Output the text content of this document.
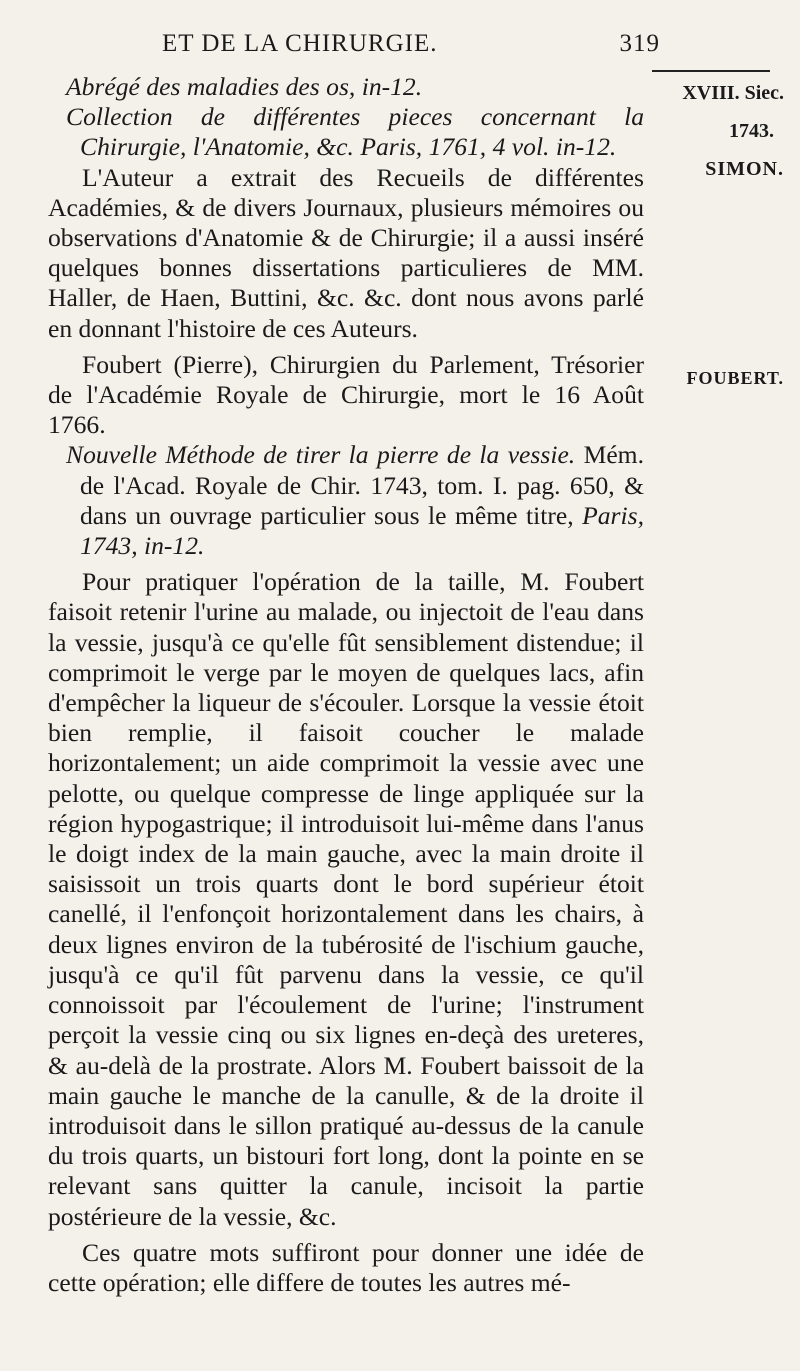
ET DE LA CHIRURGIE.	319
XVIII. Siec.
1743.
SIMON.
FOUBERT.

Abrégé des maladies des os, in-12.

Collection de différentes pieces concernant la Chirurgie, l'Anatomie, &c. Paris, 1761, 4 vol. in-12.

L'Auteur a extrait des Recueils de différentes Académies, & de divers Journaux, plusieurs mémoires ou observations d'Anatomie & de Chirurgie; il a aussi inséré quelques bonnes dissertations particulieres de MM. Haller, de Haen, Buttini, &c. &c. dont nous avons parlé en donnant l'histoire de ces Auteurs.

Foubert (Pierre), Chirurgien du Parlement, Trésorier de l'Académie Royale de Chirurgie, mort le 16 Août 1766.

Nouvelle Méthode de tirer la pierre de la vessie. Mém. de l'Acad. Royale de Chir. 1743, tom. I. pag. 650, & dans un ouvrage particulier sous le même titre, Paris, 1743, in-12.

Pour pratiquer l'opération de la taille, M. Foubert faisoit retenir l'urine au malade, ou injectoit de l'eau dans la vessie, jusqu'à ce qu'elle fût sensiblement distendue; il comprimoit le verge par le moyen de quelques lacs, afin d'empêcher la liqueur de s'écouler. Lorsque la vessie étoit bien remplie, il faisoit coucher le malade horizontalement; un aide comprimoit la vessie avec une pelotte, ou quelque compresse de linge appliquée sur la région hypogastrique; il introduisoit lui-même dans l'anus le doigt index de la main gauche, avec la main droite il saisissoit un trois quarts dont le bord supérieur étoit canellé, il l'enfonçoit horizontalement dans les chairs, à deux lignes environ de la tubérosité de l'ischium gauche, jusqu'à ce qu'il fût parvenu dans la vessie, ce qu'il connoissoit par l'écoulement de l'urine; l'instrument perçoit la vessie cinq ou six lignes en-deçà des ureteres, & au-delà de la prostrate. Alors M. Foubert baissoit de la main gauche le manche de la canulle, & de la droite il introduisoit dans le sillon pratiqué au-dessus de la canule du trois quarts, un bistouri fort long, dont la pointe en se relevant sans quitter la canule, incisoit la partie postérieure de la vessie, &c.

Ces quatre mots suffiront pour donner une idée de cette opération; elle differe de toutes les autres mé-
